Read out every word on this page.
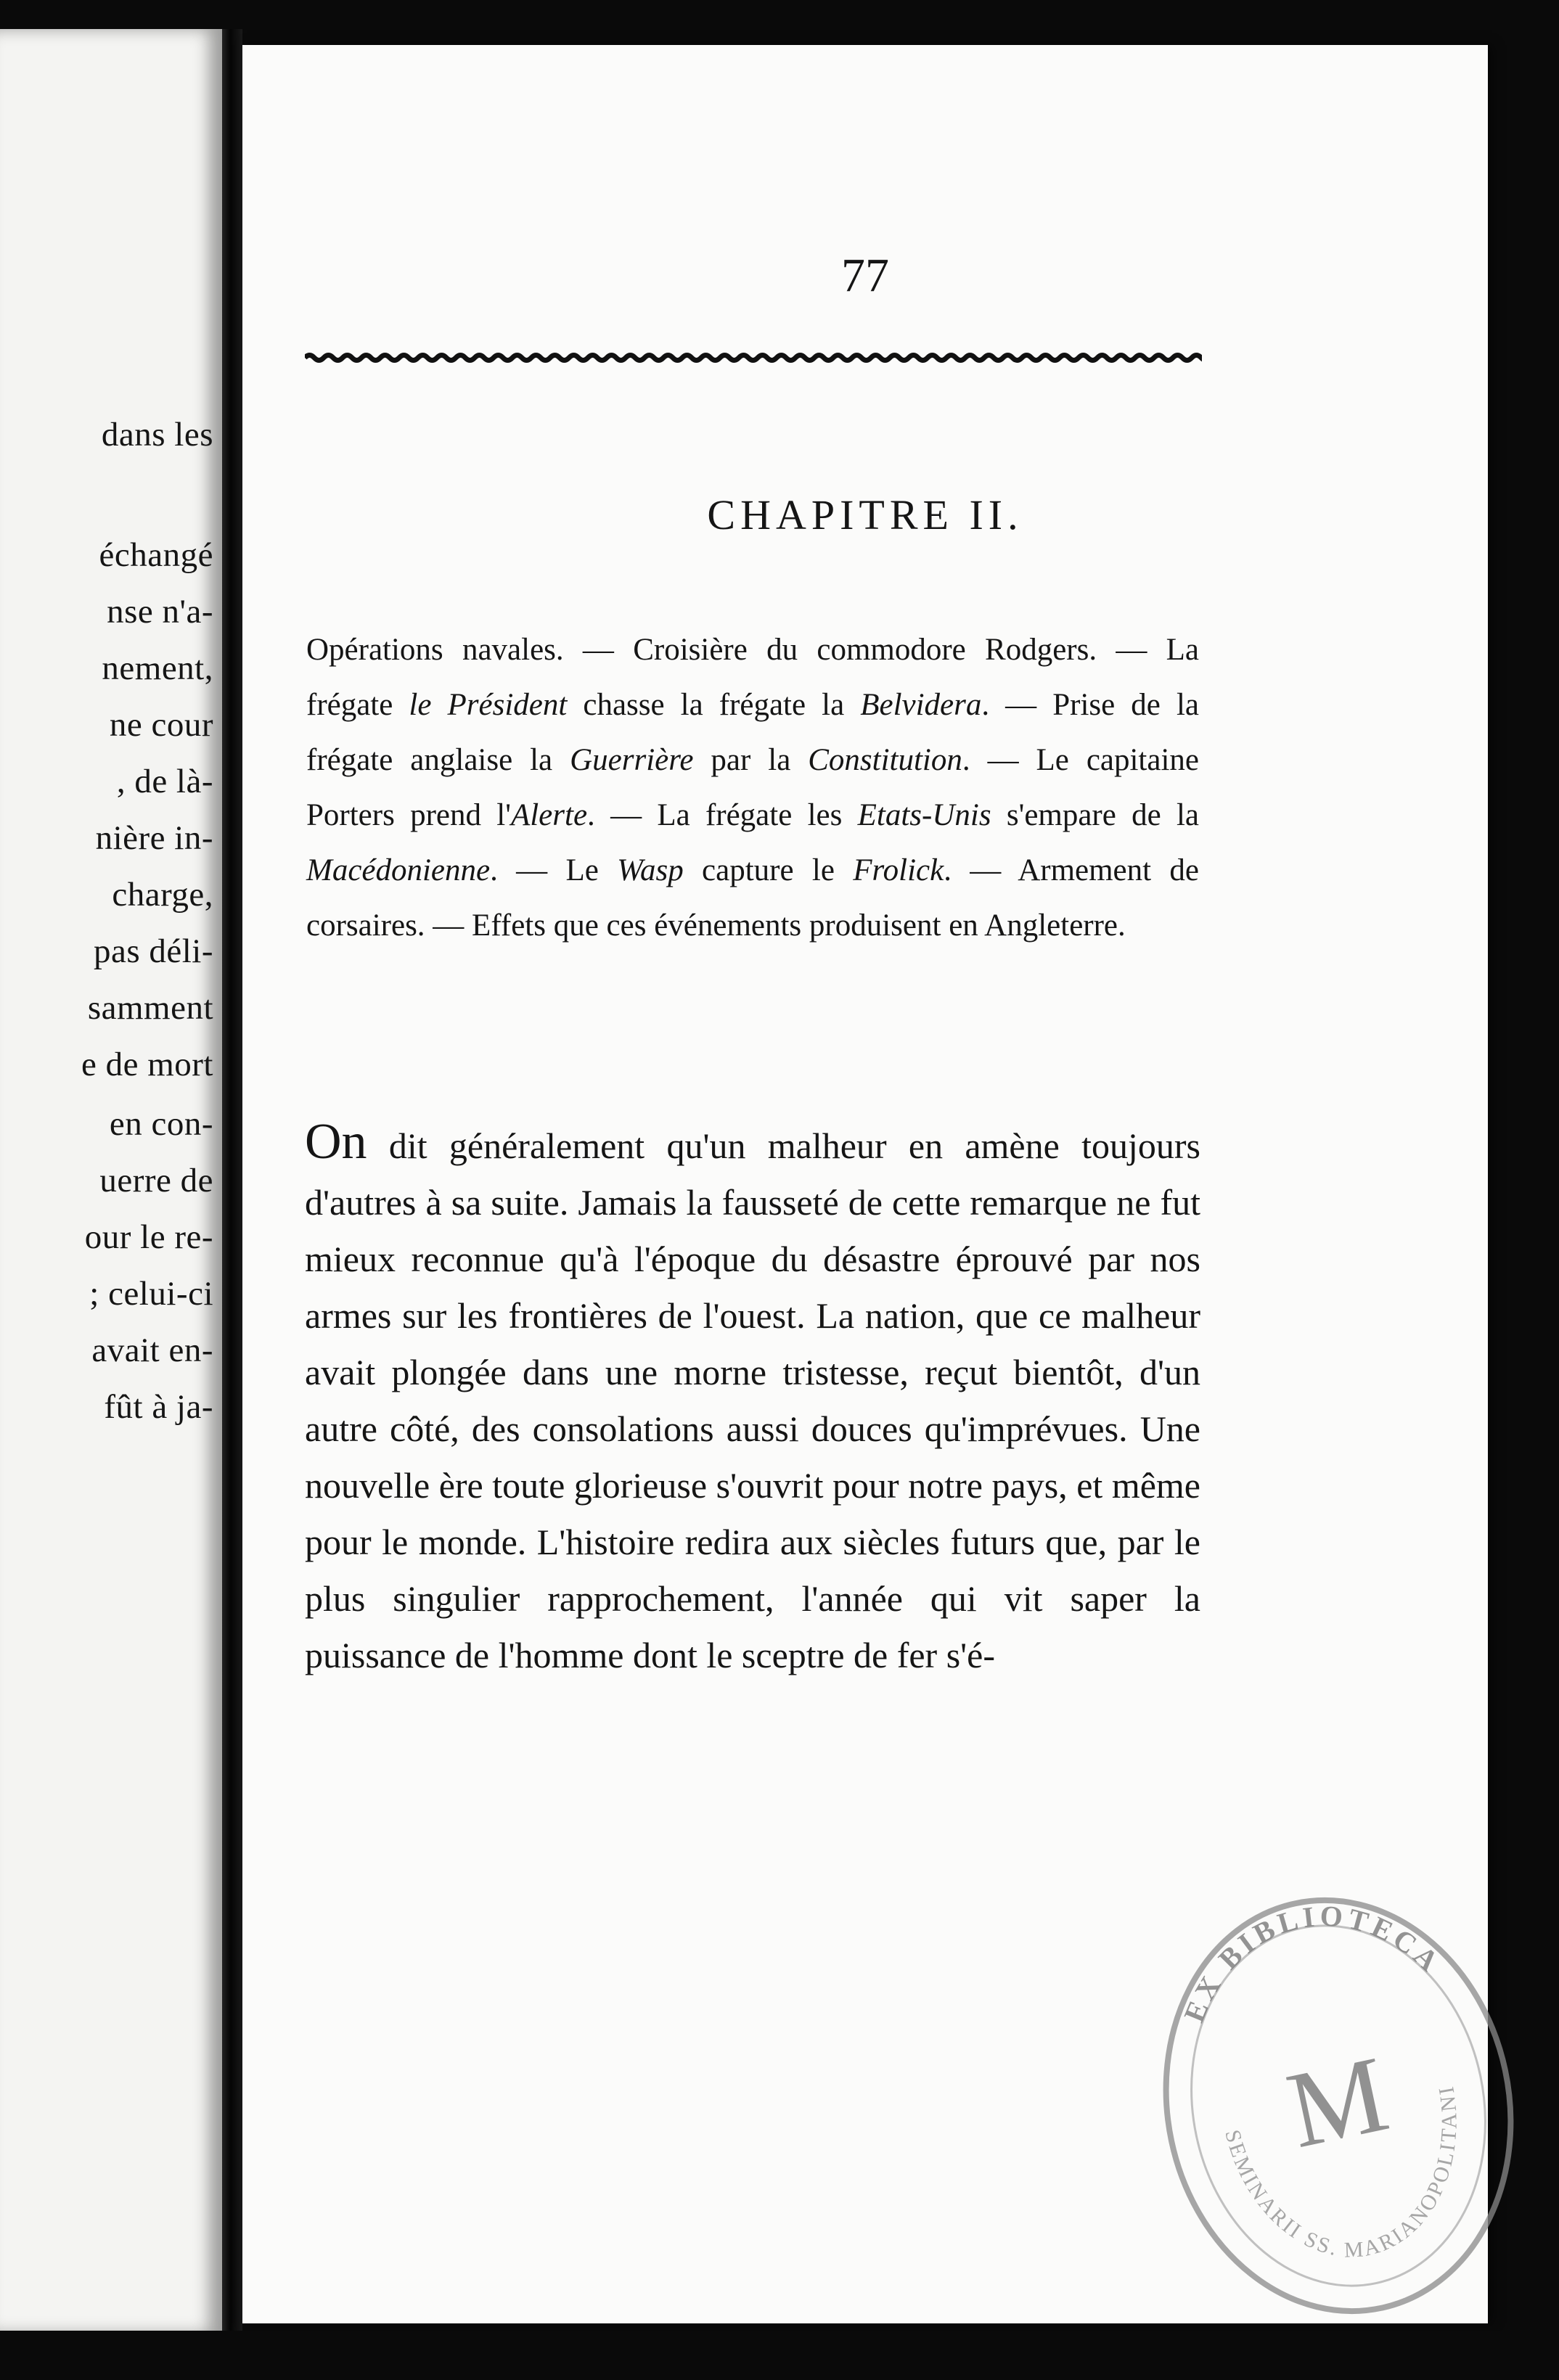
dans les
échangé
nse n'a-
nement,
ne cour
, de là-
nière in-
charge,
pas déli-
samment
e de mort
en con-
uerre de
our le re-
; celui-ci
avait en-
fût à ja-
77
CHAPITRE II.
Opérations navales. — Croisière du commodore Rodgers. — La frégate le Président chasse la frégate la Belvidera. — Prise de la frégate anglaise la Guerrière par la Constitution. — Le capitaine Porters prend l'Alerte. — La frégate les Etats-Unis s'empare de la Macédonienne. — Le Wasp capture le Frolick. — Armement de corsaires. — Effets que ces événements produisent en Angleterre.
On dit généralement qu'un malheur en amène toujours d'autres à sa suite. Jamais la fausseté de cette remarque ne fut mieux reconnue qu'à l'époque du désastre éprouvé par nos armes sur les frontières de l'ouest. La nation, que ce malheur avait plongée dans une morne tristesse, reçut bientôt, d'un autre côté, des consolations aussi douces qu'imprévues. Une nouvelle ère toute glorieuse s'ouvrit pour notre pays, et même pour le monde. L'histoire redira aux siècles futurs que, par le plus singulier rapprochement, l'année qui vit saper la puissance de l'homme dont le sceptre de fer s'é-
EX BIBLIOTECA
SEMINARII SS. MARIANOPOLITANI
M
